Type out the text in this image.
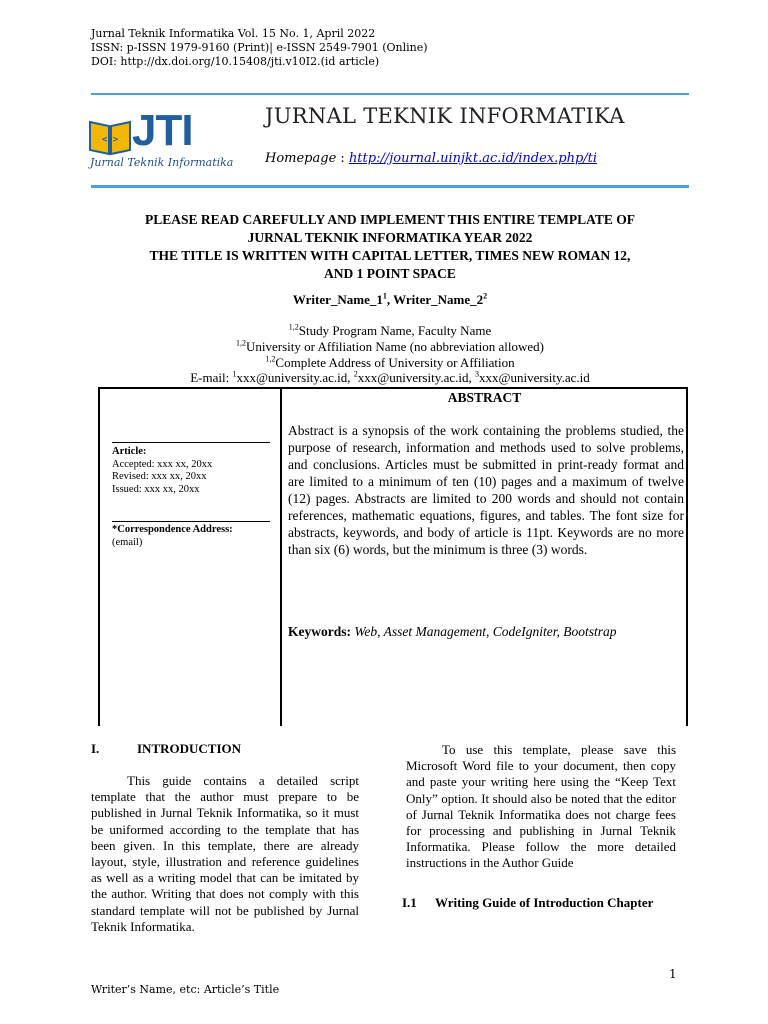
Jurnal Teknik Informatika Vol. 15 No. 1, April 2022
ISSN: p-ISSN 1979-9160 (Print)| e-ISSN 2549-7901 (Online)
DOI: http://dx.doi.org/10.15408/jti.v10I2.(id article)
</> JTI
Jurnal Teknik Informatika
JURNAL TEKNIK INFORMATIKA
Homepage : http://journal.uinjkt.ac.id/index.php/ti
PLEASE READ CAREFULLY AND IMPLEMENT THIS ENTIRE TEMPLATE OF
JURNAL TEKNIK INFORMATIKA YEAR 2022
THE TITLE IS WRITTEN WITH CAPITAL LETTER, TIMES NEW ROMAN 12,
AND 1 POINT SPACE
$Writer\_Name\_1^1$, $Writer\_Name\_2^2$
$^{1,2}$Study Program Name, Faculty Name
$^{1,2}$University or Affiliation Name (no abbreviation allowed)
$^{1,2}$Complete Address of University or Affiliation
E-mail: $^1$xxx@university.ac.id, $^2$xxx@university.ac.id, $^3$xxx@university.ac.id
Article:
Accepted: xxx xx, 20xx
Revised: xxx xx, 20xx
Issued: xxx xx, 20xx
*Correspondence Address:
(email)
ABSTRACT
Abstract is a synopsis of the work containing the problems studied, the purpose of research, information and methods used to solve problems, and conclusions. Articles must be submitted in print-ready format and are limited to a minimum of ten (10) pages and a maximum of twelve (12) pages. Abstracts are limited to 200 words and should not contain references, mathematic equations, figures, and tables. The font size for abstracts, keywords, and body of article is 11pt. Keywords are no more than six (6) words, but the minimum is three (3) words.
Keywords: Web, Asset Management, CodeIgniter, Bootstrap
I.	INTRODUCTION
This guide contains a detailed script template that the author must prepare to be published in Jurnal Teknik Informatika, so it must be uniformed according to the template that has been given. In this template, there are already layout, style, illustration and reference guidelines as well as a writing model that can be imitated by the author. Writing that does not comply with this standard template will not be published by Jurnal Teknik Informatika.
To use this template, please save this Microsoft Word file to your document, then copy and paste your writing here using the “Keep Text Only” option. It should also be noted that the editor of Jurnal Teknik Informatika does not charge fees for processing and publishing in Jurnal Teknik Informatika. Please follow the more detailed instructions in the Author Guide
I.1 Writing Guide of Introduction Chapter
1
Writer’s Name, etc: Article’s Title
